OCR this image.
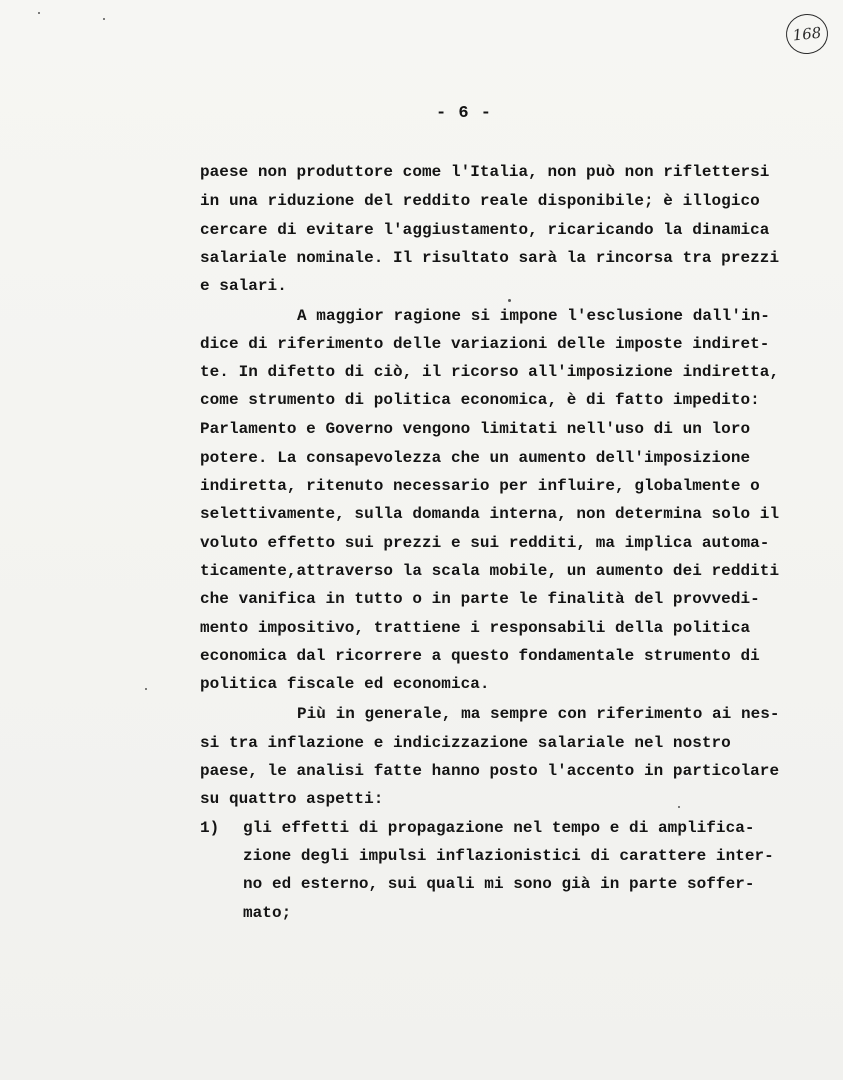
168
- 6 -
paese non produttore come l'Italia, non può non riflettersi
in una riduzione del reddito reale disponibile; è illogico
cercare di evitare l'aggiustamento, ricaricando la dinamica
salariale nominale. Il risultato sarà la rincorsa tra prezzi
e salari.
A maggior ragione si impone l'esclusione dall'in-
dice di riferimento delle variazioni delle imposte indiret-
te. In difetto di ciò, il ricorso all'imposizione indiretta,
come strumento di politica economica, è di fatto impedito:
Parlamento e Governo vengono limitati nell'uso di un loro
potere. La consapevolezza che un aumento dell'imposizione
indiretta, ritenuto necessario per influire, globalmente o
selettivamente, sulla domanda interna, non determina solo il
voluto effetto sui prezzi e sui redditi, ma implica automa-
ticamente,attraverso la scala mobile, un aumento dei redditi
che vanifica in tutto o in parte le finalità del provvedi-
mento impositivo, trattiene i responsabili della politica
economica dal ricorrere a questo fondamentale strumento di
politica fiscale ed economica.
Più in generale, ma sempre con riferimento ai nes-
si tra inflazione e indicizzazione salariale nel nostro
paese, le analisi fatte hanno posto l'accento in particolare
su quattro aspetti:
1) gli effetti di propagazione nel tempo e di amplifica-
zione degli impulsi inflazionistici di carattere inter-
no ed esterno, sui quali mi sono già in parte soffer-
mato;
